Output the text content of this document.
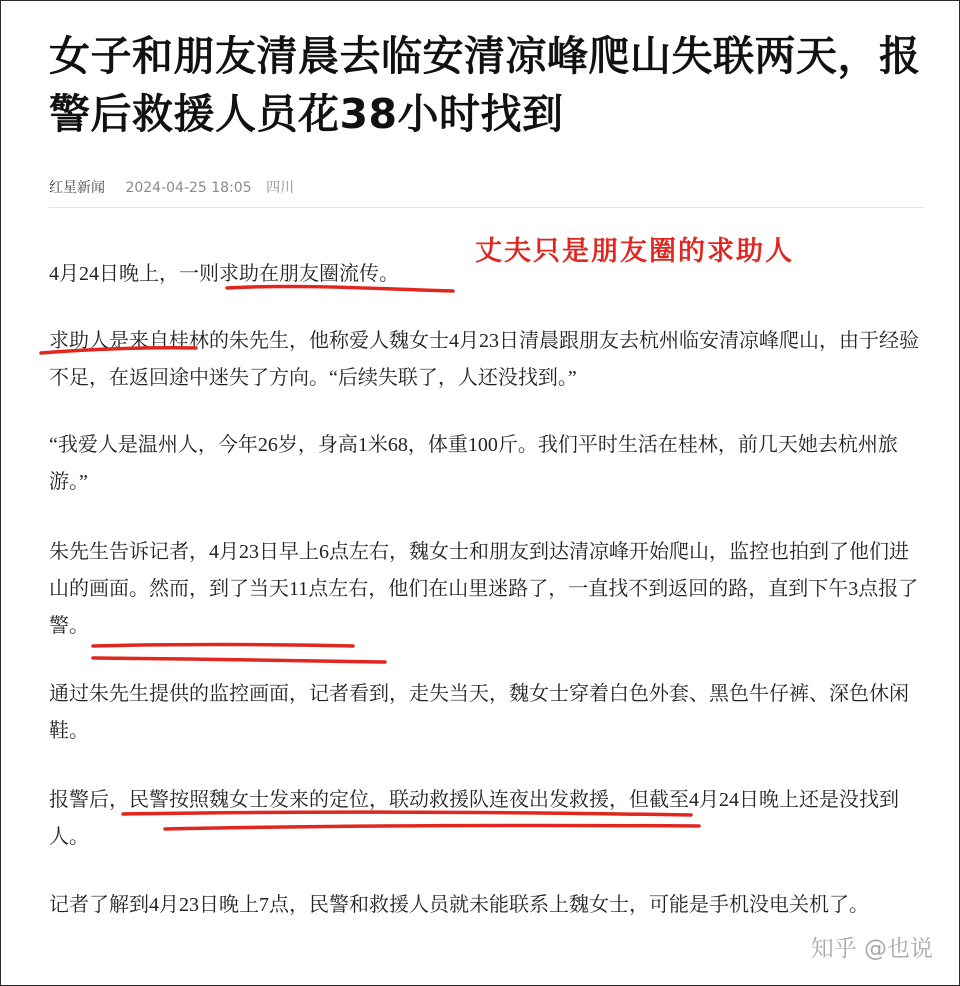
女子和朋友清晨去临安清凉峰爬山失联两天，报警后救援人员花38小时找到
红星新闻 2024-04-25 18:05 四川

4月24日晚上，一则求助在朋友圈流传。

求助人是来自桂林的朱先生，他称爱人魏女士4月23日清晨跟朋友去杭州临安清凉峰爬山，由于经验不足，在返回途中迷失了方向。“后续失联了，人还没找到。”

“我爱人是温州人，今年26岁，身高1米68，体重100斤。我们平时生活在桂林，前几天她去杭州旅游。”

朱先生告诉记者，4月23日早上6点左右，魏女士和朋友到达清凉峰开始爬山，监控也拍到了他们进山的画面。然而，到了当天11点左右，他们在山里迷路了，一直找不到返回的路，直到下午3点报了警。

通过朱先生提供的监控画面，记者看到，走失当天，魏女士穿着白色外套、黑色牛仔裤、深色休闲鞋。

报警后，民警按照魏女士发来的定位，联动救援队连夜出发救援，但截至4月24日晚上还是没找到人。

记者了解到4月23日晚上7点，民警和救援人员就未能联系上魏女士，可能是手机没电关机了。

丈夫只是朋友圈的求助人
知乎 @也说
